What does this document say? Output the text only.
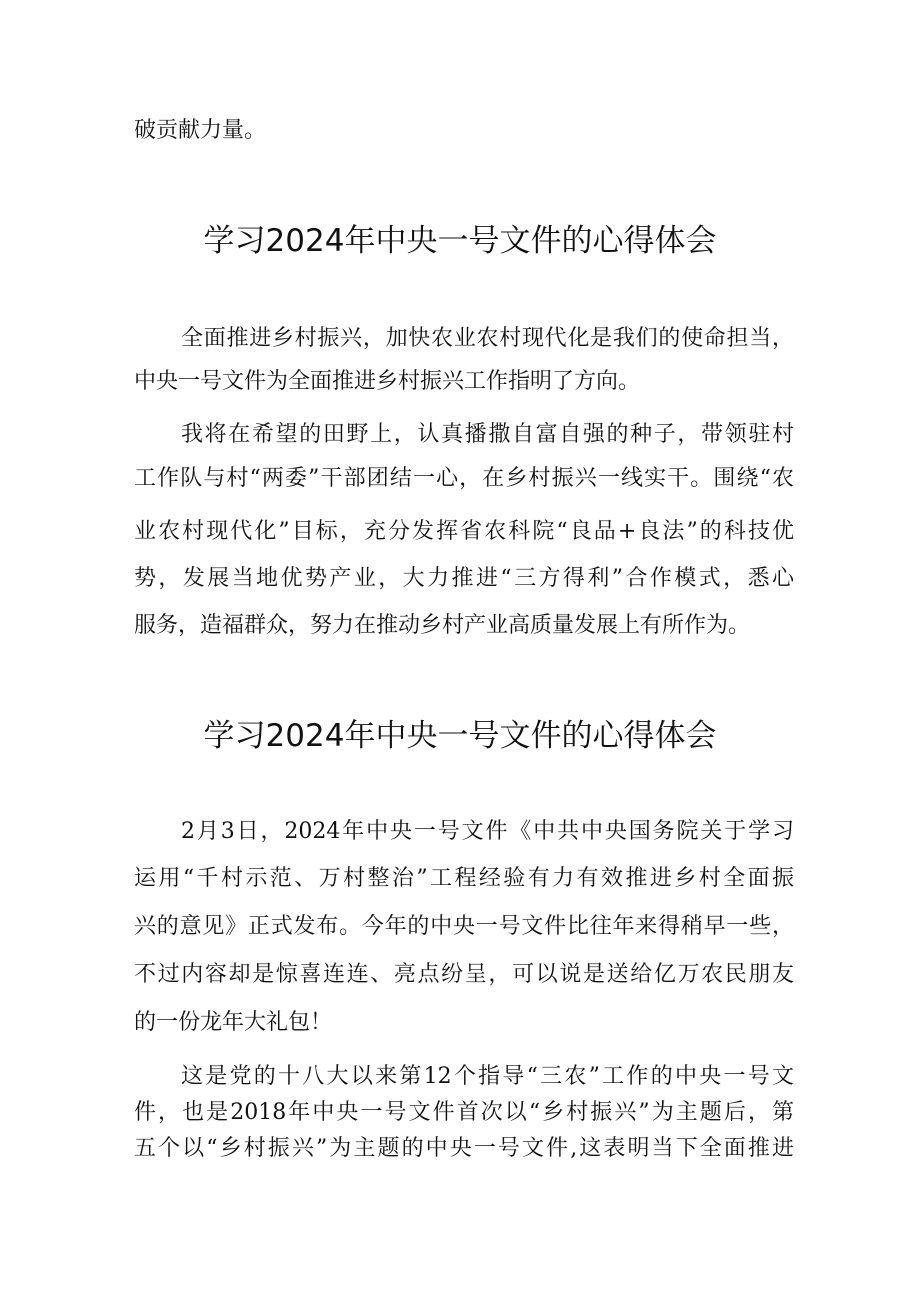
破贡献力量。
学习2024年中央一号文件的心得体会
全面推进乡村振兴，加快农业农村现代化是我们的使命担当，
中央一号文件为全面推进乡村振兴工作指明了方向。
我将在希望的田野上，认真播撒自富自强的种子，带领驻村
工作队与村“两委”干部团结一心，在乡村振兴一线实干。围绕“农
业农村现代化”目标，充分发挥省农科院“良品+良法”的科技优
势，发展当地优势产业，大力推进“三方得利”合作模式，悉心
服务，造福群众，努力在推动乡村产业高质量发展上有所作为。
学习2024年中央一号文件的心得体会
2月3日，2024年中央一号文件《中共中央国务院关于学习
运用“千村示范、万村整治”工程经验有力有效推进乡村全面振
兴的意见》正式发布。今年的中央一号文件比往年来得稍早一些，
不过内容却是惊喜连连、亮点纷呈，可以说是送给亿万农民朋友
的一份龙年大礼包！
这是党的十八大以来第12个指导“三农”工作的中央一号文
件，也是2018年中央一号文件首次以“乡村振兴”为主题后，第
五个以“乡村振兴”为主题的中央一号文件,这表明当下全面推进
